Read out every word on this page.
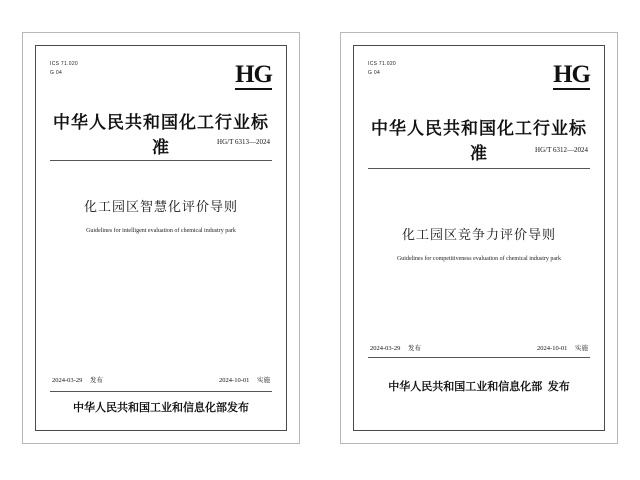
ICS 71.020
G 04	HG
中华人民共和国化工行业标准	HG/T 6313—2024
化工园区智慧化评价导则
Guidelines for intelligent evaluation of chemical industry park
2024-03-29 发布	2024-10-01 实施
中华人民共和国工业和信息化部发布
ICS 71.020
G 04	HG
中华人民共和国化工行业标准	HG/T 6312—2024
化工园区竞争力评价导则
Guidelines for competitiveness evaluation of chemical industry park
2024-03-29 发布	2024-10-01 实施
中华人民共和国工业和信息化部 发布
